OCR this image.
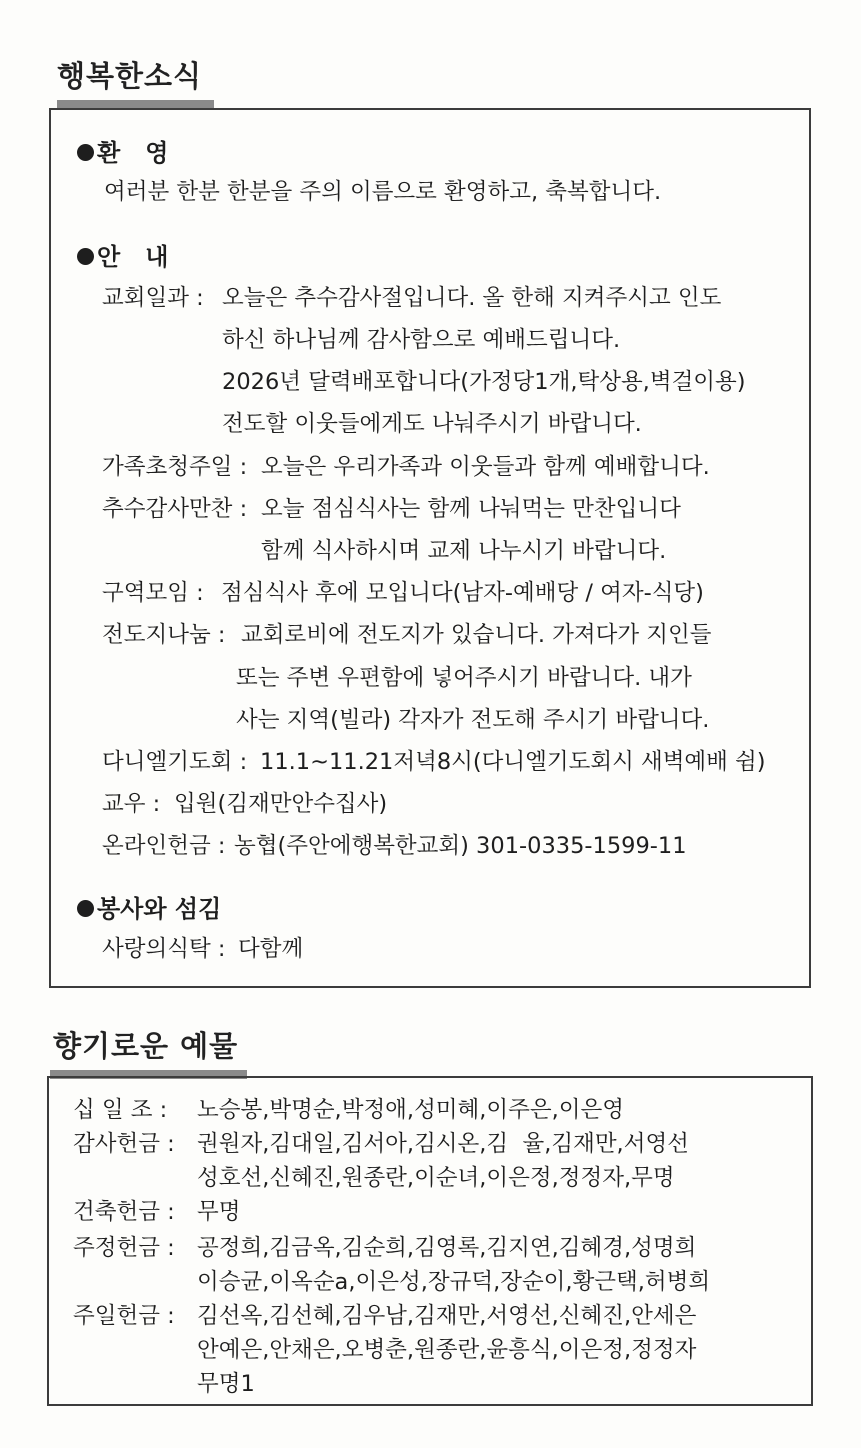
행복한소식
환   영
여러분 한분 한분을 주의 이름으로 환영하고, 축복합니다.
안   내
교회일과 : 오늘은 추수감사절입니다. 올 한해 지켜주시고 인도
하신 하나님께 감사함으로 예배드립니다.
2026년 달력배포합니다(가정당1개,탁상용,벽걸이용)
전도할 이웃들에게도 나눠주시기 바랍니다.
가족초청주일 : 오늘은 우리가족과 이웃들과 함께 예배합니다.
추수감사만찬 : 오늘 점심식사는 함께 나눠먹는 만찬입니다
함께 식사하시며 교제 나누시기 바랍니다.
구역모임 : 점심식사 후에 모입니다(남자-예배당 / 여자-식당)
전도지나눔 : 교회로비에 전도지가 있습니다. 가져다가 지인들
또는 주변 우편함에 넣어주시기 바랍니다. 내가
사는 지역(빌라) 각자가 전도해 주시기 바랍니다.
다니엘기도회 : 11.1~11.21저녁8시(다니엘기도회시 새벽예배 쉼)
교우 : 입원(김재만안수집사)
온라인헌금 : 농협(주안에행복한교회) 301-0335-1599-11
봉사와 섬김
사랑의식탁 : 다함께
향기로운 예물
십 일 조 : 노승봉,박명순,박정애,성미혜,이주은,이은영
감사헌금 : 권원자,김대일,김서아,김시온,김  율,김재만,서영선
성호선,신혜진,원종란,이순녀,이은정,정정자,무명
건축헌금 : 무명
주정헌금 : 공정희,김금옥,김순희,김영록,김지연,김혜경,성명희
이승균,이옥순a,이은성,장규덕,장순이,황근택,허병희
주일헌금 : 김선옥,김선혜,김우남,김재만,서영선,신혜진,안세은
안예은,안채은,오병춘,원종란,윤흥식,이은정,정정자
무명1
